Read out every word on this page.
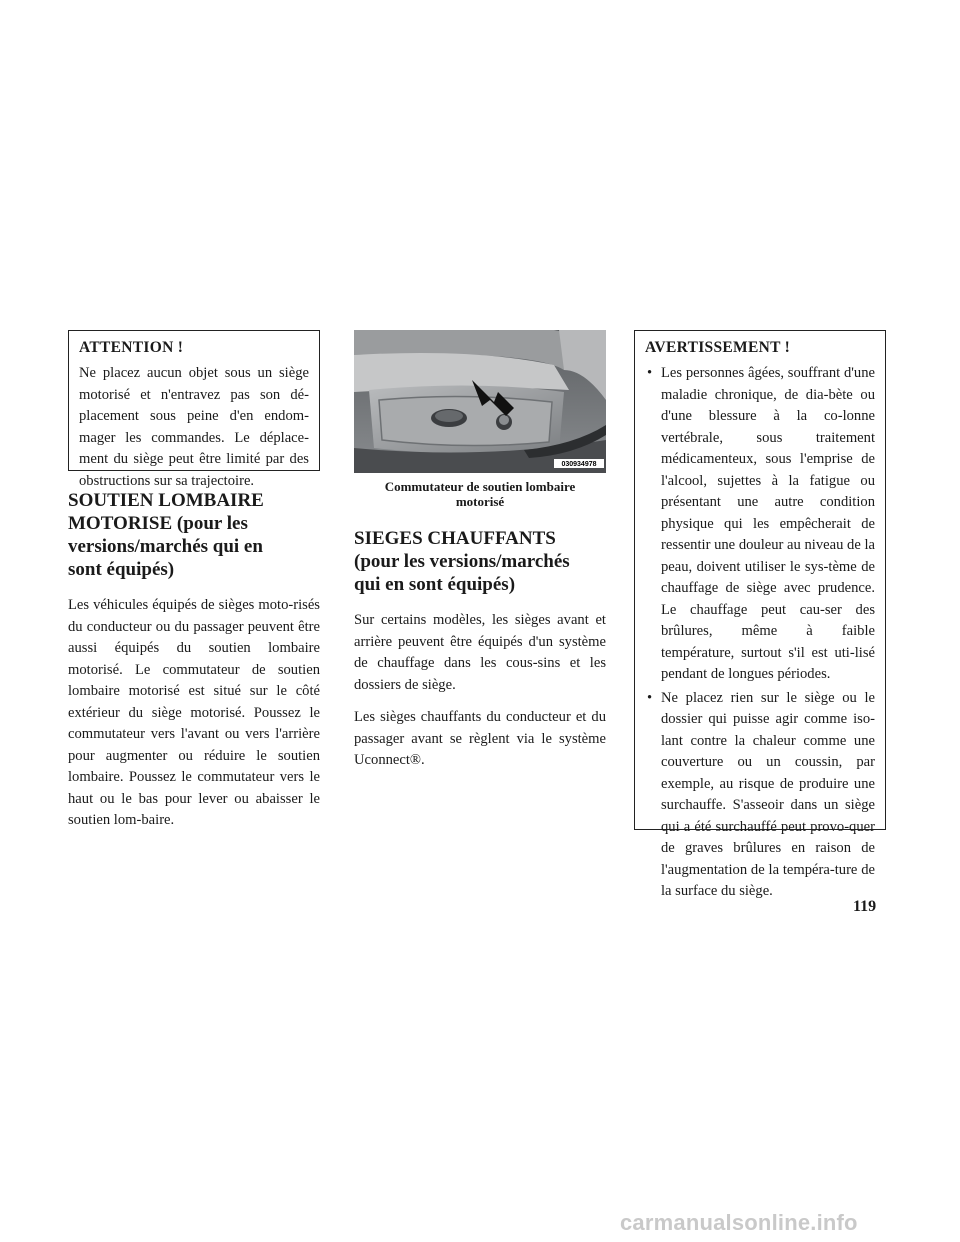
ATTENTION !

Ne placez aucun objet sous un siège motorisé et n'entravez pas son dé-placement sous peine d'en endom-mager les commandes. Le déplace-ment du siège peut être limité par des obstructions sur sa trajectoire.

SOUTIEN LOMBAIRE
MOTORISE (pour les
versions/marchés qui en
sont équipés)

Les véhicules équipés de sièges moto-risés du conducteur ou du passager peuvent être aussi équipés du soutien lombaire motorisé. Le commutateur de soutien lombaire motorisé est situé sur le côté extérieur du siège motorisé. Poussez le commutateur vers l'avant ou vers l'arrière pour augmenter ou réduire le soutien lombaire. Poussez le commutateur vers le haut ou le bas pour lever ou abaisser le soutien lom-baire.

030934978
Commutateur de soutien lombaire motorisé
SIEGES CHAUFFANTS
(pour les versions/marchés
qui en sont équipés)

Sur certains modèles, les sièges avant et arrière peuvent être équipés d'un système de chauffage dans les cous-sins et les dossiers de siège.

Les sièges chauffants du conducteur et du passager avant se règlent via le système Uconnect®.

AVERTISSEMENT !
• Les personnes âgées, souffrant d'une maladie chronique, de dia-bète ou d'une blessure à la co-lonne vertébrale, sous traitement médicamenteux, sous l'emprise de l'alcool, sujettes à la fatigue ou présentant une autre condition physique qui les empêcherait de ressentir une douleur au niveau de la peau, doivent utiliser le sys-tème de chauffage de siège avec prudence. Le chauffage peut cau-ser des brûlures, même à faible température, surtout s'il est uti-lisé pendant de longues périodes.
• Ne placez rien sur le siège ou le dossier qui puisse agir comme iso-lant contre la chaleur comme une couverture ou un coussin, par exemple, au risque de produire une surchauffe. S'asseoir dans un siège qui a été surchauffé peut provo-quer de graves brûlures en raison de l'augmentation de la tempéra-ture de la surface du siège.
119
carmanualsonline.info
